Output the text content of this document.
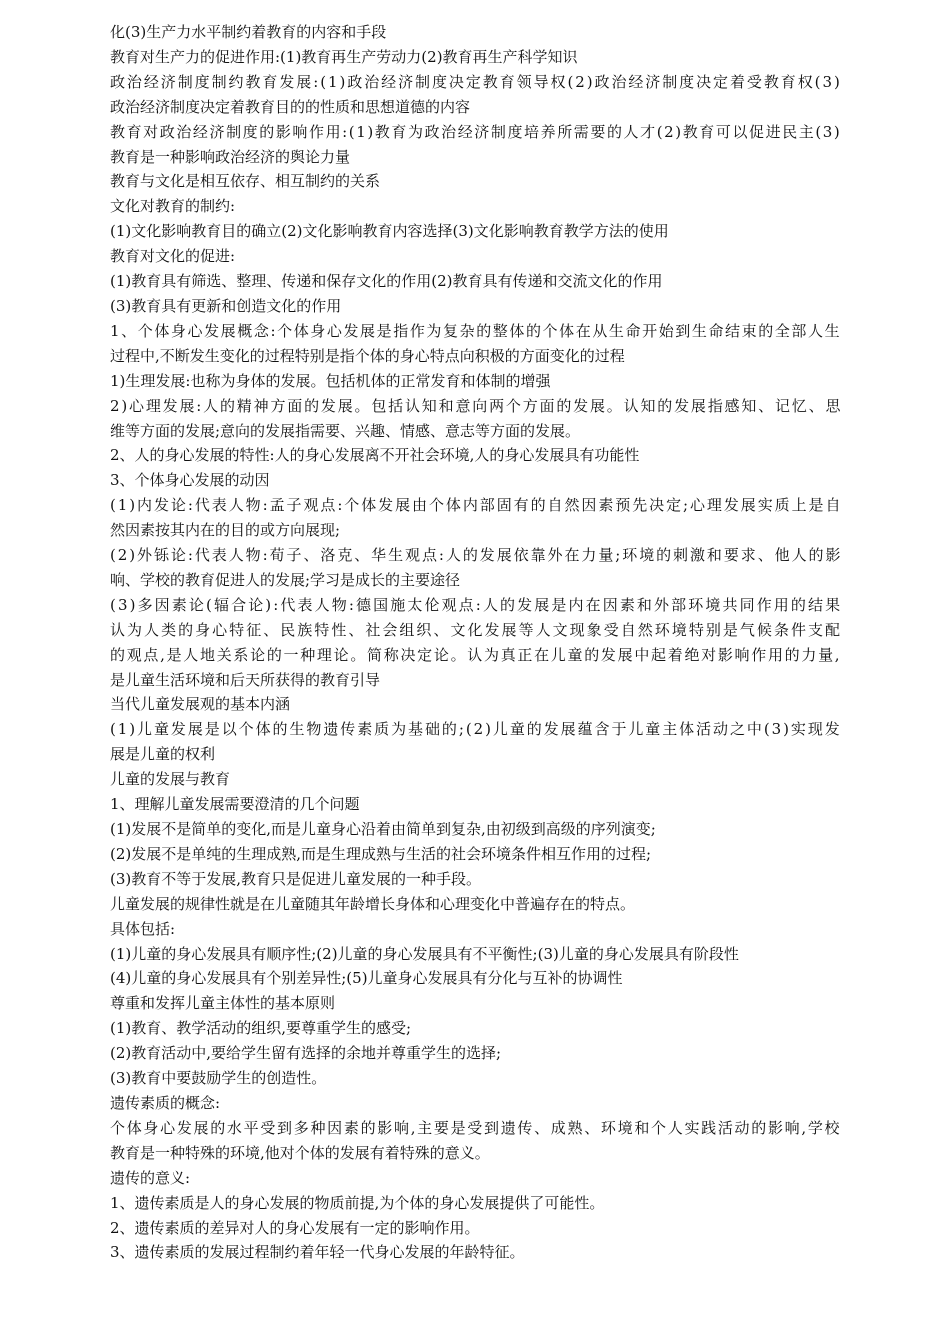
化(3)生产力水平制约着教育的内容和手段
教育对生产力的促进作用:(1)教育再生产劳动力(2)教育再生产科学知识
政治经济制度制约教育发展:(1)政治经济制度决定教育领导权(2)政治经济制度决定着受教育权(3)
政治经济制度决定着教育目的的性质和思想道德的内容
教育对政治经济制度的影响作用:(1)教育为政治经济制度培养所需要的人才(2)教育可以促进民主(3)
教育是一种影响政治经济的舆论力量
教育与文化是相互依存、相互制约的关系
文化对教育的制约:
(1)文化影响教育目的确立(2)文化影响教育内容选择(3)文化影响教育教学方法的使用
教育对文化的促进:
(1)教育具有筛选、整理、传递和保存文化的作用(2)教育具有传递和交流文化的作用
(3)教育具有更新和创造文化的作用
1、个体身心发展概念:个体身心发展是指作为复杂的整体的个体在从生命开始到生命结束的全部人生
过程中,不断发生变化的过程特别是指个体的身心特点向积极的方面变化的过程
1)生理发展:也称为身体的发展。包括机体的正常发育和体制的增强
2)心理发展:人的精神方面的发展。包括认知和意向两个方面的发展。认知的发展指感知、记忆、思
维等方面的发展;意向的发展指需要、兴趣、情感、意志等方面的发展。
2、人的身心发展的特性:人的身心发展离不开社会环境,人的身心发展具有功能性
3、个体身心发展的动因
(1)内发论:代表人物:孟子观点:个体发展由个体内部固有的自然因素预先决定;心理发展实质上是自
然因素按其内在的目的或方向展现;
(2)外铄论:代表人物:荀子、洛克、华生观点:人的发展依靠外在力量;环境的刺激和要求、他人的影
响、学校的教育促进人的发展;学习是成长的主要途径
(3)多因素论(辐合论):代表人物:德国施太伦观点:人的发展是内在因素和外部环境共同作用的结果
认为人类的身心特征、民族特性、社会组织、文化发展等人文现象受自然环境特别是气候条件支配
的观点,是人地关系论的一种理论。简称决定论。认为真正在儿童的发展中起着绝对影响作用的力量,
是儿童生活环境和后天所获得的教育引导
当代儿童发展观的基本内涵
(1)儿童发展是以个体的生物遗传素质为基础的;(2)儿童的发展蕴含于儿童主体活动之中(3)实现发
展是儿童的权利
儿童的发展与教育
1、理解儿童发展需要澄清的几个问题
(1)发展不是简单的变化,而是儿童身心沿着由简单到复杂,由初级到高级的序列演变;
(2)发展不是单纯的生理成熟,而是生理成熟与生活的社会环境条件相互作用的过程;
(3)教育不等于发展,教育只是促进儿童发展的一种手段。
儿童发展的规律性就是在儿童随其年龄增长身体和心理变化中普遍存在的特点。
具体包括:
(1)儿童的身心发展具有顺序性;(2)儿童的身心发展具有不平衡性;(3)儿童的身心发展具有阶段性
(4)儿童的身心发展具有个别差异性;(5)儿童身心发展具有分化与互补的协调性
尊重和发挥儿童主体性的基本原则
(1)教育、教学活动的组织,要尊重学生的感受;
(2)教育活动中,要给学生留有选择的余地并尊重学生的选择;
(3)教育中要鼓励学生的创造性。
遗传素质的概念:
个体身心发展的水平受到多种因素的影响,主要是受到遗传、成熟、环境和个人实践活动的影响,学校
教育是一种特殊的环境,他对个体的发展有着特殊的意义。
遗传的意义:
1、遗传素质是人的身心发展的物质前提,为个体的身心发展提供了可能性。
2、遗传素质的差异对人的身心发展有一定的影响作用。
3、遗传素质的发展过程制约着年轻一代身心发展的年龄特征。
